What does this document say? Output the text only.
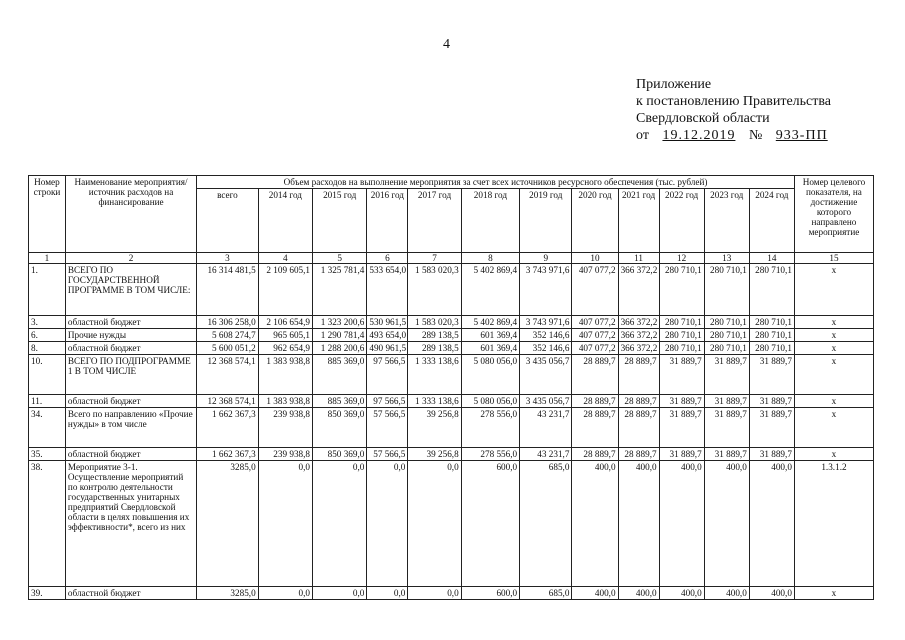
4
Приложение
к постановлению Правительства
Свердловской области
от 19.12.2019 № 933-ПП
Номер строки	Наименование мероприятия/источник расходов на финансирование	Объем расходов на выполнение мероприятия за счет всех источников ресурсного обеспечения (тыс. рублей)												Номер целевого показателя, на достижение которого направлено мероприятие
		всего	2014 год	2015 год	2016 год	2017 год	2018 год	2019 год	2020 год	2021 год	2022 год	2023 год	2024 год	
1	2	3	4	5	6	7	8	9	10	11	12	13	14	15
1.	ВСЕГО ПО ГОСУДАРСТВЕННОЙ ПРОГРАММЕ В ТОМ ЧИСЛЕ:	16 314 481,5	2 109 605,1	1 325 781,4	533 654,0	1 583 020,3	5 402 869,4	3 743 971,6	407 077,2	366 372,2	280 710,1	280 710,1	280 710,1	x
3.	областной бюджет	16 306 258,0	2 106 654,9	1 323 200,6	530 961,5	1 583 020,3	5 402 869,4	3 743 971,6	407 077,2	366 372,2	280 710,1	280 710,1	280 710,1	x
6.	Прочие нужды	5 608 274,7	965 605,1	1 290 781,4	493 654,0	289 138,5	601 369,4	352 146,6	407 077,2	366 372,2	280 710,1	280 710,1	280 710,1	x
8.	областной бюджет	5 600 051,2	962 654,9	1 288 200,6	490 961,5	289 138,5	601 369,4	352 146,6	407 077,2	366 372,2	280 710,1	280 710,1	280 710,1	x
10.	ВСЕГО ПО ПОДПРОГРАММЕ 1 В ТОМ ЧИСЛЕ	12 368 574,1	1 383 938,8	885 369,0	97 566,5	1 333 138,6	5 080 056,0	3 435 056,7	28 889,7	28 889,7	31 889,7	31 889,7	31 889,7	x
11.	областной бюджет	12 368 574,1	1 383 938,8	885 369,0	97 566,5	1 333 138,6	5 080 056,0	3 435 056,7	28 889,7	28 889,7	31 889,7	31 889,7	31 889,7	x
34.	Всего по направлению «Прочие нужды» в том числе	1 662 367,3	239 938,8	850 369,0	57 566,5	39 256,8	278 556,0	43 231,7	28 889,7	28 889,7	31 889,7	31 889,7	31 889,7	x
35.	областной бюджет	1 662 367,3	239 938,8	850 369,0	57 566,5	39 256,8	278 556,0	43 231,7	28 889,7	28 889,7	31 889,7	31 889,7	31 889,7	x
38.	Мероприятие 3-1. Осуществление мероприятий по контролю деятельности государственных унитарных предприятий Свердловской области в целях повышения их эффективности*, всего из них	3285,0	0,0	0,0	0,0	0,0	600,0	685,0	400,0	400,0	400,0	400,0	400,0	1.3.1.2
39.	областной бюджет	3285,0	0,0	0,0	0,0	0,0	600,0	685,0	400,0	400,0	400,0	400,0	400,0	x
